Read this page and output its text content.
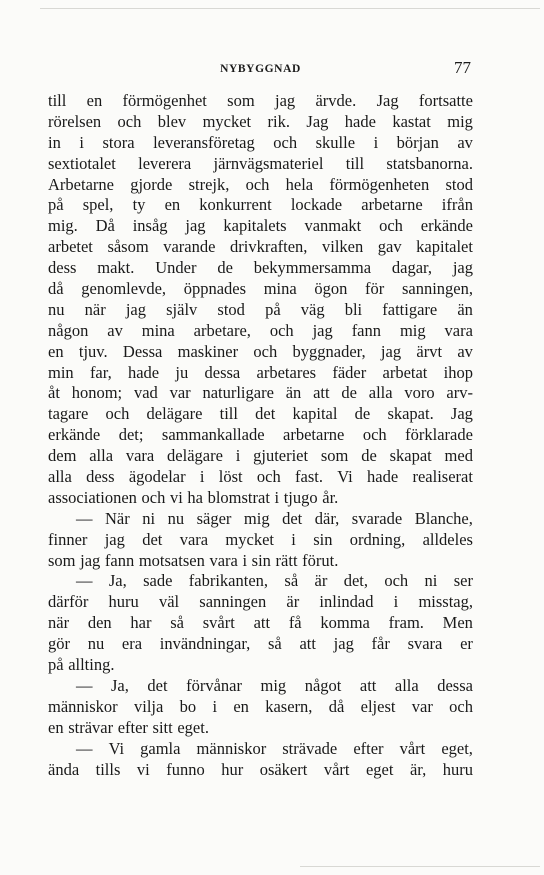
NYBYGGNAD	77
till en förmögenhet som jag ärvde. Jag fortsatte
rörelsen och blev mycket rik. Jag hade kastat mig
in i stora leveransföretag och skulle i början av
sextiotalet leverera järnvägsmateriel till statsbanorna.
Arbetarne gjorde strejk, och hela förmögenheten stod
på spel, ty en konkurrent lockade arbetarne ifrån
mig. Då insåg jag kapitalets vanmakt och erkände
arbetet såsom varande drivkraften, vilken gav kapitalet
dess makt. Under de bekymmersamma dagar, jag
då genomlevde, öppnades mina ögon för sanningen,
nu när jag själv stod på väg bli fattigare än
någon av mina arbetare, och jag fann mig vara
en tjuv. Dessa maskiner och byggnader, jag ärvt av
min far, hade ju dessa arbetares fäder arbetat ihop
åt honom; vad var naturligare än att de alla voro arv-
tagare och delägare till det kapital de skapat. Jag
erkände det; sammankallade arbetarne och förklarade
dem alla vara delägare i gjuteriet som de skapat med
alla dess ägodelar i löst och fast. Vi hade realiserat
associationen och vi ha blomstrat i tjugo år.
— När ni nu säger mig det där, svarade Blanche,
finner jag det vara mycket i sin ordning, alldeles
som jag fann motsatsen vara i sin rätt förut.
— Ja, sade fabrikanten, så är det, och ni ser
därför huru väl sanningen är inlindad i misstag,
när den har så svårt att få komma fram. Men
gör nu era invändningar, så att jag får svara er
på allting.
— Ja, det förvånar mig något att alla dessa
människor vilja bo i en kasern, då eljest var och
en strävar efter sitt eget.
— Vi gamla människor strävade efter vårt eget,
ända tills vi funno hur osäkert vårt eget är, huru
